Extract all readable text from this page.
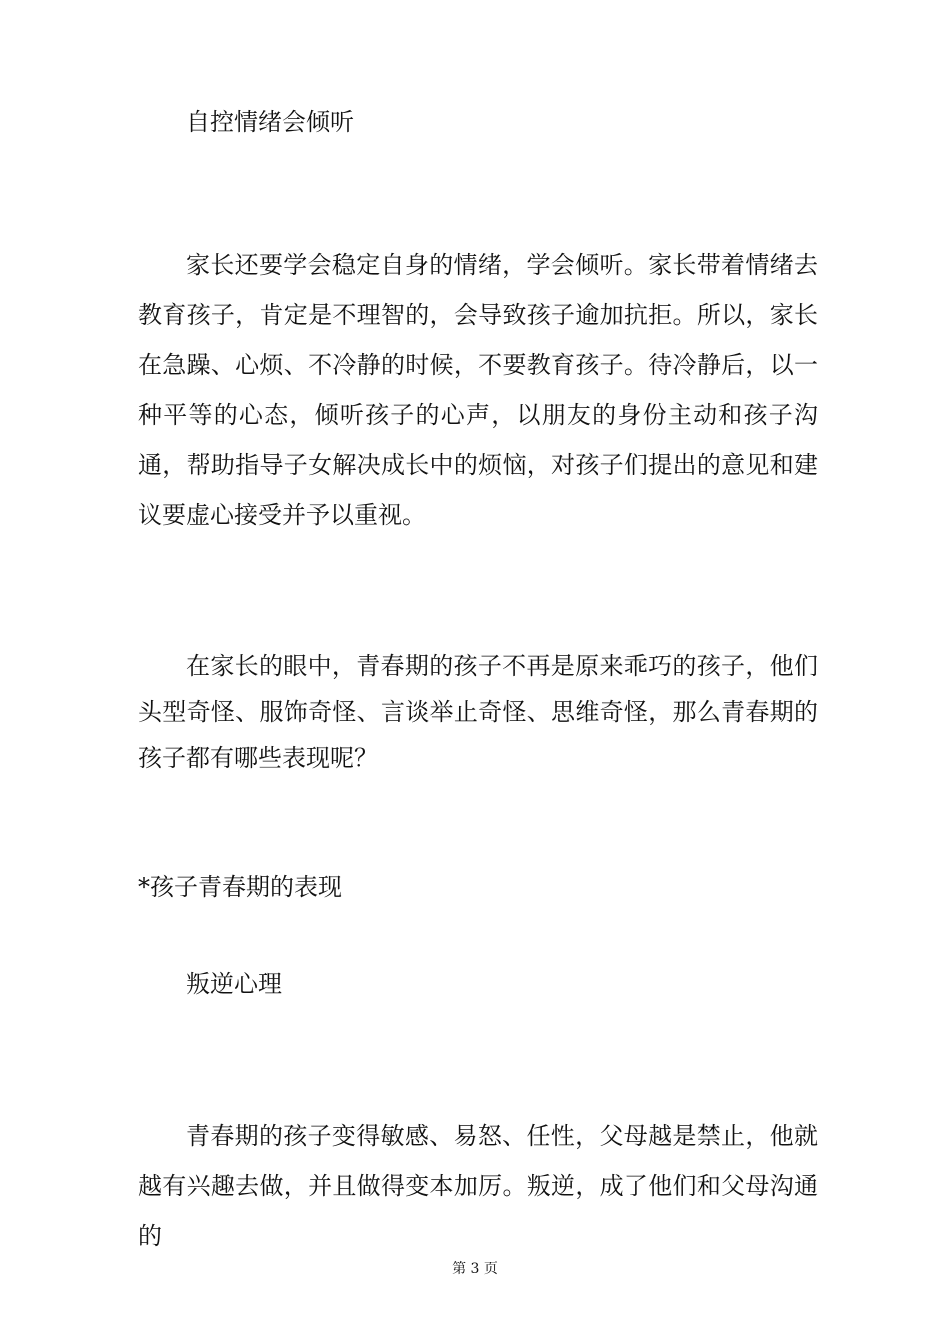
自控情绪会倾听

家长还要学会稳定自身的情绪，学会倾听。家长带着情绪去教育孩子，肯定是不理智的，会导致孩子逾加抗拒。所以，家长在急躁、心烦、不冷静的时候，不要教育孩子。待冷静后，以一种平等的心态，倾听孩子的心声，以朋友的身份主动和孩子沟通，帮助指导子女解决成长中的烦恼，对孩子们提出的意见和建议要虚心接受并予以重视。

在家长的眼中，青春期的孩子不再是原来乖巧的孩子，他们头型奇怪、服饰奇怪、言谈举止奇怪、思维奇怪，那么青春期的孩子都有哪些表现呢？

*孩子青春期的表现
叛逆心理

青春期的孩子变得敏感、易怒、任性，父母越是禁止，他就越有兴趣去做，并且做得变本加厉。叛逆，成了他们和父母沟通的

第 3 页
